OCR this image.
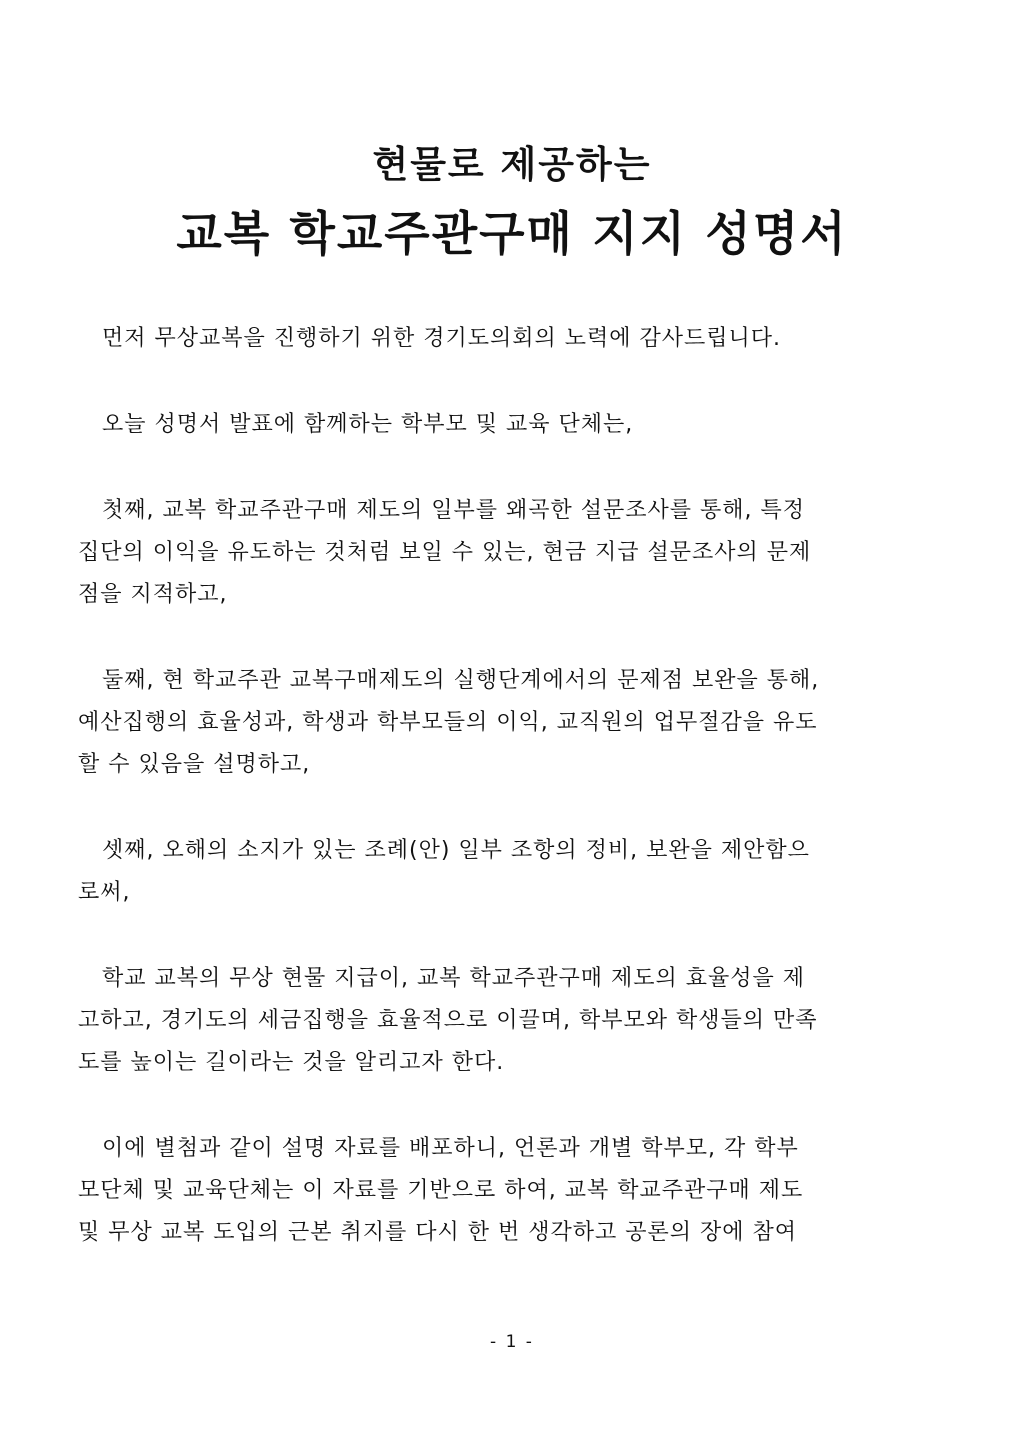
현물로 제공하는
교복 학교주관구매 지지 성명서

먼저 무상교복을 진행하기 위한 경기도의회의 노력에 감사드립니다.

오늘 성명서 발표에 함께하는 학부모 및 교육 단체는,

첫째, 교복 학교주관구매 제도의 일부를 왜곡한 설문조사를 통해, 특정
집단의 이익을 유도하는 것처럼 보일 수 있는, 현금 지급 설문조사의 문제
점을 지적하고,

둘째, 현 학교주관 교복구매제도의 실행단계에서의 문제점 보완을 통해,
예산집행의 효율성과, 학생과 학부모들의 이익, 교직원의 업무절감을 유도
할 수 있음을 설명하고,

셋째, 오해의 소지가 있는 조례(안) 일부 조항의 정비, 보완을 제안함으
로써,

학교 교복의 무상 현물 지급이, 교복 학교주관구매 제도의 효율성을 제
고하고, 경기도의 세금집행을 효율적으로 이끌며, 학부모와 학생들의 만족
도를 높이는 길이라는 것을 알리고자 한다.

이에 별첨과 같이 설명 자료를 배포하니, 언론과 개별 학부모, 각 학부
모단체 및 교육단체는 이 자료를 기반으로 하여, 교복 학교주관구매 제도
및 무상 교복 도입의 근본 취지를 다시 한 번 생각하고 공론의 장에 참여

- 1 -
